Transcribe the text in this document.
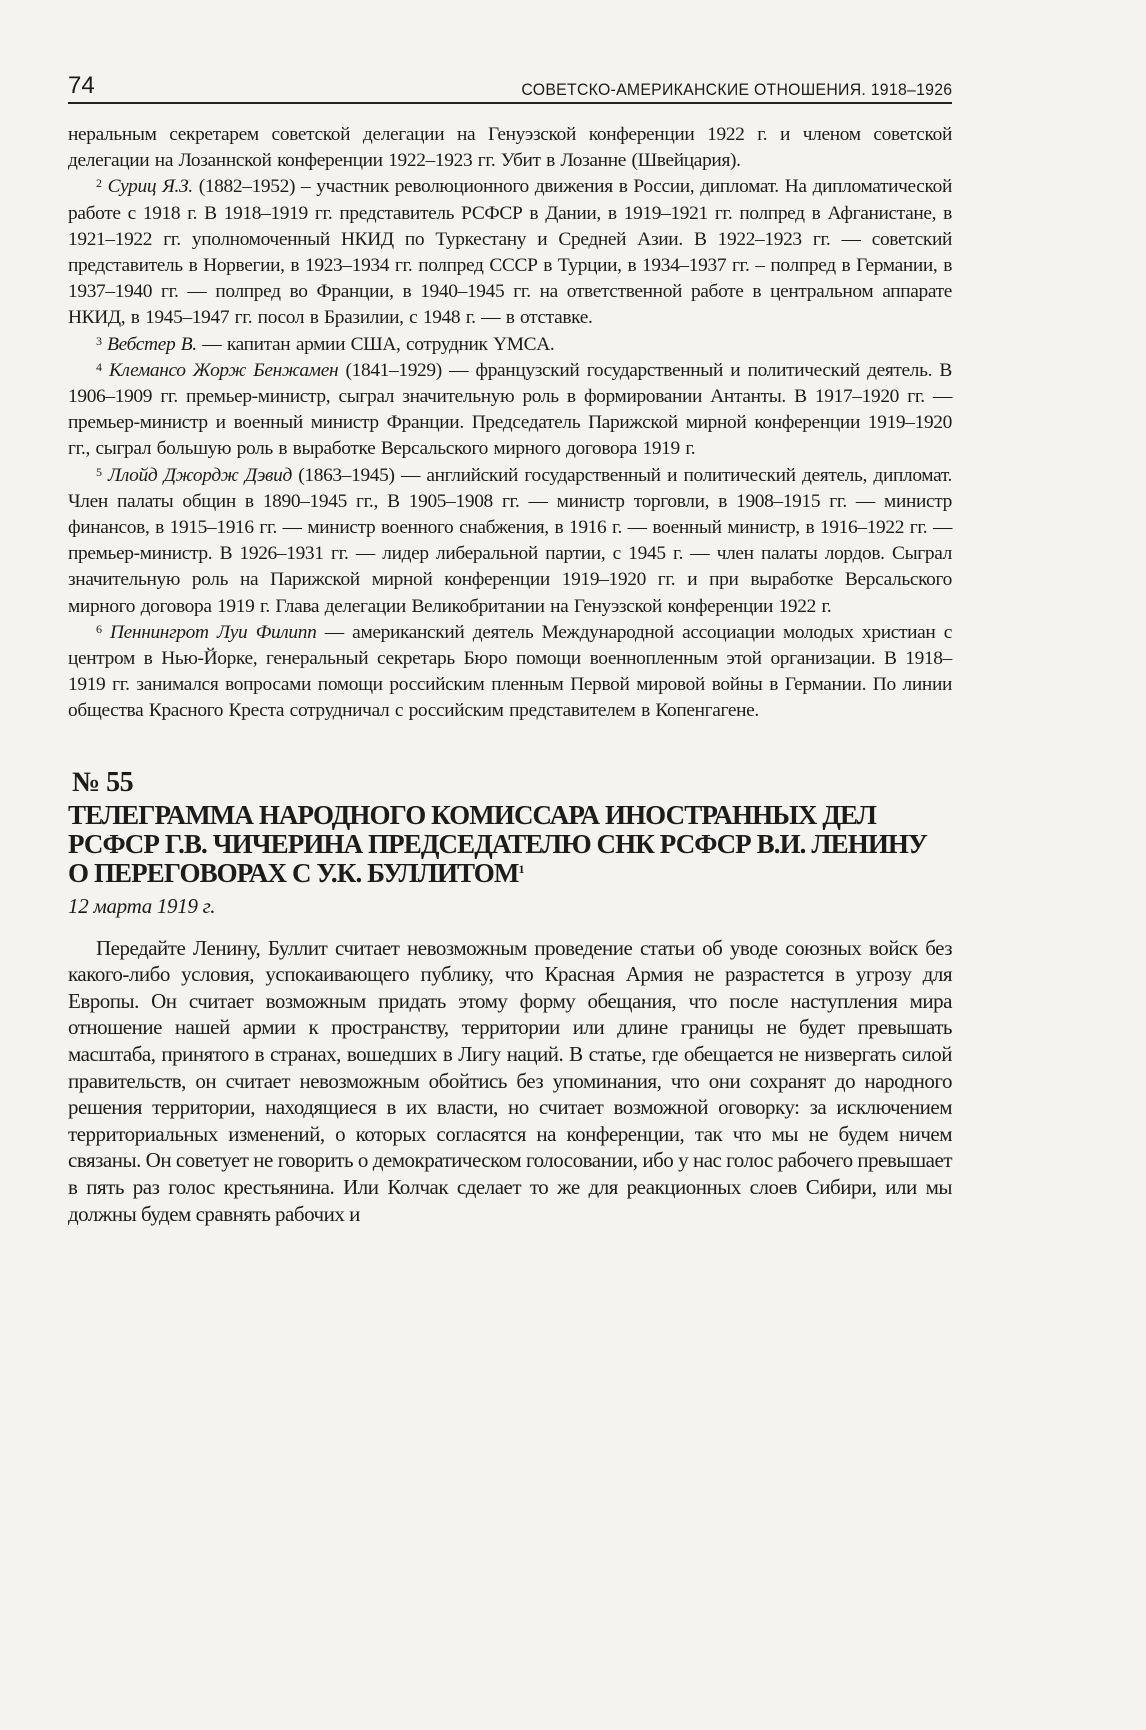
74	СОВЕТСКО-АМЕРИКАНСКИЕ ОТНОШЕНИЯ. 1918–1926

неральным секретарем советской делегации на Генуэзской конференции 1922 г. и членом советской делегации на Лозаннской конференции 1922–1923 гг. Убит в Лозанне (Швейцария).

$^2$ Суриц Я.З. (1882–1952) – участник революционного движения в России, дипломат. На дипломатической работе с 1918 г. В 1918–1919 гг. представитель РСФСР в Дании, в 1919–1921 гг. полпред в Афганистане, в 1921–1922 гг. уполномоченный НКИД по Туркестану и Средней Азии. В 1922–1923 гг. — советский представитель в Норвегии, в 1923–1934 гг. полпред СССР в Турции, в 1934–1937 гг. – полпред в Германии, в 1937–1940 гг. — полпред во Франции, в 1940–1945 гг. на ответственной работе в центральном аппарате НКИД, в 1945–1947 гг. посол в Бразилии, с 1948 г. — в отставке.

$^3$ Вебстер В. — капитан армии США, сотрудник YMCA.

$^4$ Клемансо Жорж Бенжамен (1841–1929) — французский государственный и политический деятель. В 1906–1909 гг. премьер-министр, сыграл значительную роль в формировании Антанты. В 1917–1920 гг. — премьер-министр и военный министр Франции. Председатель Парижской мирной конференции 1919–1920 гг., сыграл большую роль в выработке Версальского мирного договора 1919 г.

$^5$ Ллойд Джордж Дэвид (1863–1945) — английский государственный и политический деятель, дипломат. Член палаты общин в 1890–1945 гг., В 1905–1908 гг. — министр торговли, в 1908–1915 гг. — министр финансов, в 1915–1916 гг. — министр военного снабжения, в 1916 г. — военный министр, в 1916–1922 гг. — премьер-министр. В 1926–1931 гг. — лидер либеральной партии, с 1945 г. — член палаты лордов. Сыграл значительную роль на Парижской мирной конференции 1919–1920 гг. и при выработке Версальского мирного договора 1919 г. Глава делегации Великобритании на Генуэзской конференции 1922 г.

$^6$ Пеннингрот Луи Филипп — американский деятель Международной ассоциации молодых христиан с центром в Нью-Йорке, генеральный секретарь Бюро помощи военнопленным этой организации. В 1918–1919 гг. занимался вопросами помощи российским пленным Первой мировой войны в Германии. По линии общества Красного Креста сотрудничал с российским представителем в Копенгагене.

№ 55
ТЕЛЕГРАММА НАРОДНОГО КОМИССАРА ИНОСТРАННЫХ ДЕЛ РСФСР Г.В. ЧИЧЕРИНА ПРЕДСЕДАТЕЛЮ СНК РСФСР В.И. ЛЕНИНУ О ПЕРЕГОВОРАХ С У.К. БУЛЛИТОМ$^1$
12 марта 1919 г.

Передайте Ленину, Буллит считает невозможным проведение статьи об уводе союзных войск без какого-либо условия, успокаивающего публику, что Красная Армия не разрастется в угрозу для Европы. Он считает возможным придать этому форму обещания, что после наступления мира отношение нашей армии к пространству, территории или длине границы не будет превышать масштаба, принятого в странах, вошедших в Лигу наций. В статье, где обещается не низвергать силой правительств, он считает невозможным обойтись без упоминания, что они сохранят до народного решения территории, находящиеся в их власти, но считает возможной оговорку: за исключением территориальных изменений, о которых согласятся на конференции, так что мы не будем ничем связаны. Он советует не говорить о демократическом голосовании, ибо у нас голос рабочего превышает в пять раз голос крестьянина. Или Колчак сделает то же для реакционных слоев Сибири, или мы должны будем сравнять рабочих и
